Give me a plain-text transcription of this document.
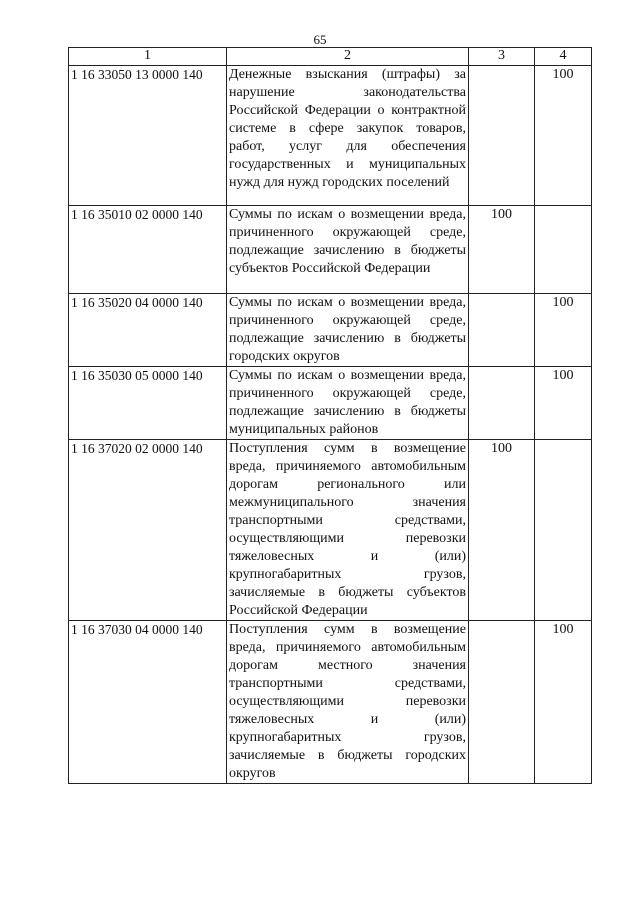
65
1	2	3	4
1 16 33050 13 0000 140	Денежные взыскания (штрафы) за нарушение законодательства Российской Федерации о контрактной системе в сфере закупок товаров, работ, услуг для обеспечения государственных и муниципальных нужд для нужд городских поселений		100
1 16 35010 02 0000 140	Суммы по искам о возмещении вреда, причиненного окружающей среде, подлежащие зачислению в бюджеты субъектов Российской Федерации	100	
1 16 35020 04 0000 140	Суммы по искам о возмещении вреда, причиненного окружающей среде, подлежащие зачислению в бюджеты городских округов		100
1 16 35030 05 0000 140	Суммы по искам о возмещении вреда, причиненного окружающей среде, подлежащие зачислению в бюджеты муниципальных районов		100
1 16 37020 02 0000 140	Поступления сумм в возмещение вреда, причиняемого автомобильным дорогам регионального или межмуниципального значения транспортными средствами, осуществляющими перевозки тяжеловесных и (или) крупногабаритных грузов, зачисляемые в бюджеты субъектов Российской Федерации	100	
1 16 37030 04 0000 140	Поступления сумм в возмещение вреда, причиняемого автомобильным дорогам местного значения транспортными средствами, осуществляющими перевозки тяжеловесных и (или) крупногабаритных грузов, зачисляемые в бюджеты городских округов		100
